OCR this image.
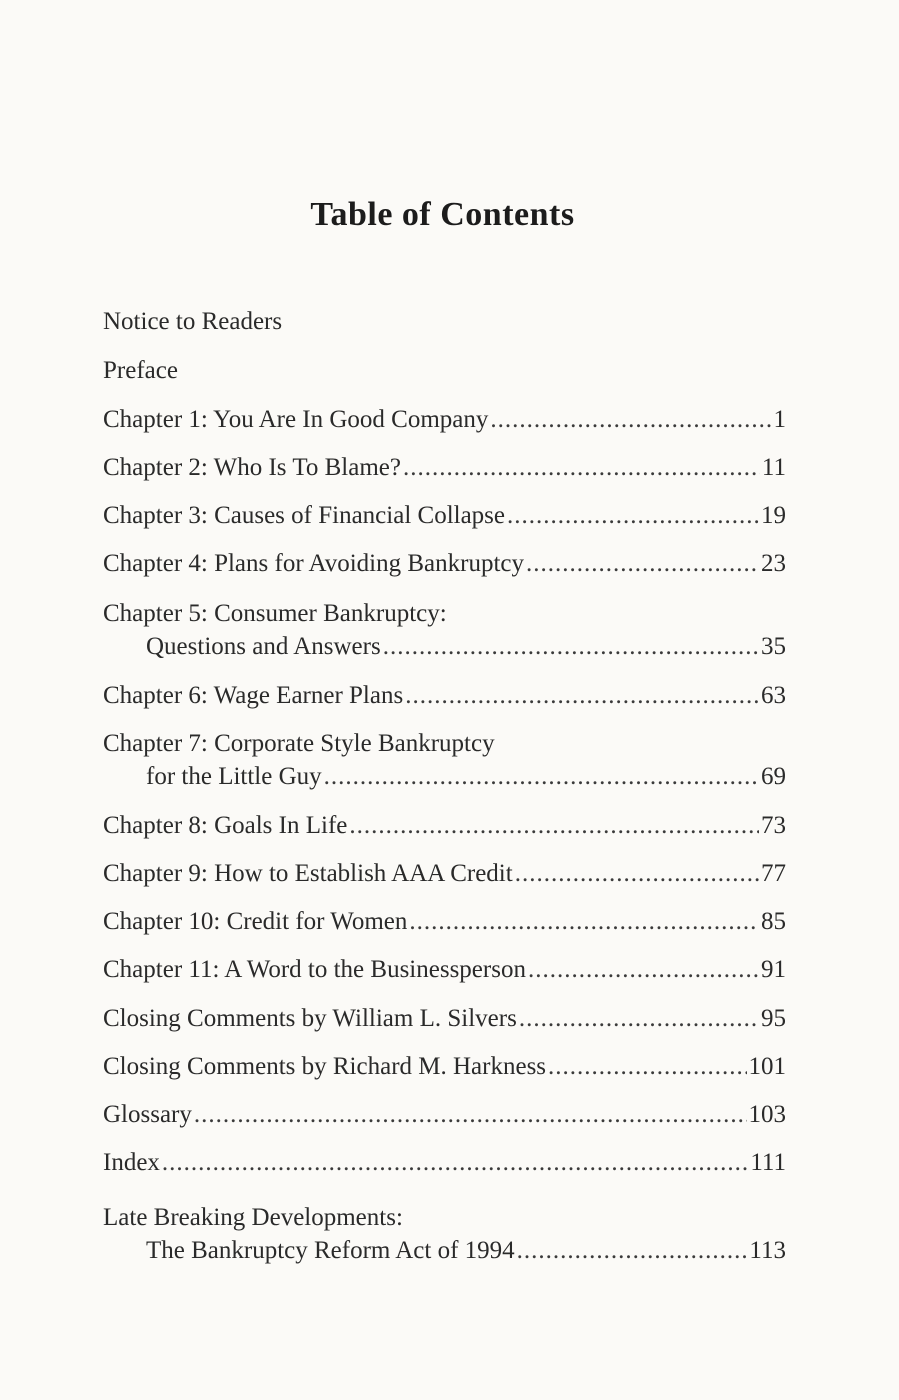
Table of Contents
Notice to Readers
Preface
Chapter 1: You Are In Good Company .....	1
Chapter 2: Who Is To Blame? .....	11
Chapter 3: Causes of Financial Collapse .....	19
Chapter 4: Plans for Avoiding Bankruptcy .....	23
Chapter 5: Consumer Bankruptcy:
Questions and Answers .....	35
Chapter 6: Wage Earner Plans .....	63
Chapter 7: Corporate Style Bankruptcy
for the Little Guy .....	69
Chapter 8: Goals In Life .....	73
Chapter 9: How to Establish AAA Credit .....	77
Chapter 10: Credit for Women .....	85
Chapter 11: A Word to the Businessperson .....	91
Closing Comments by William L. Silvers .....	95
Closing Comments by Richard M. Harkness .....	101
Glossary .....	103
Index .....	111
Late Breaking Developments:
The Bankruptcy Reform Act of 1994 .....	113
